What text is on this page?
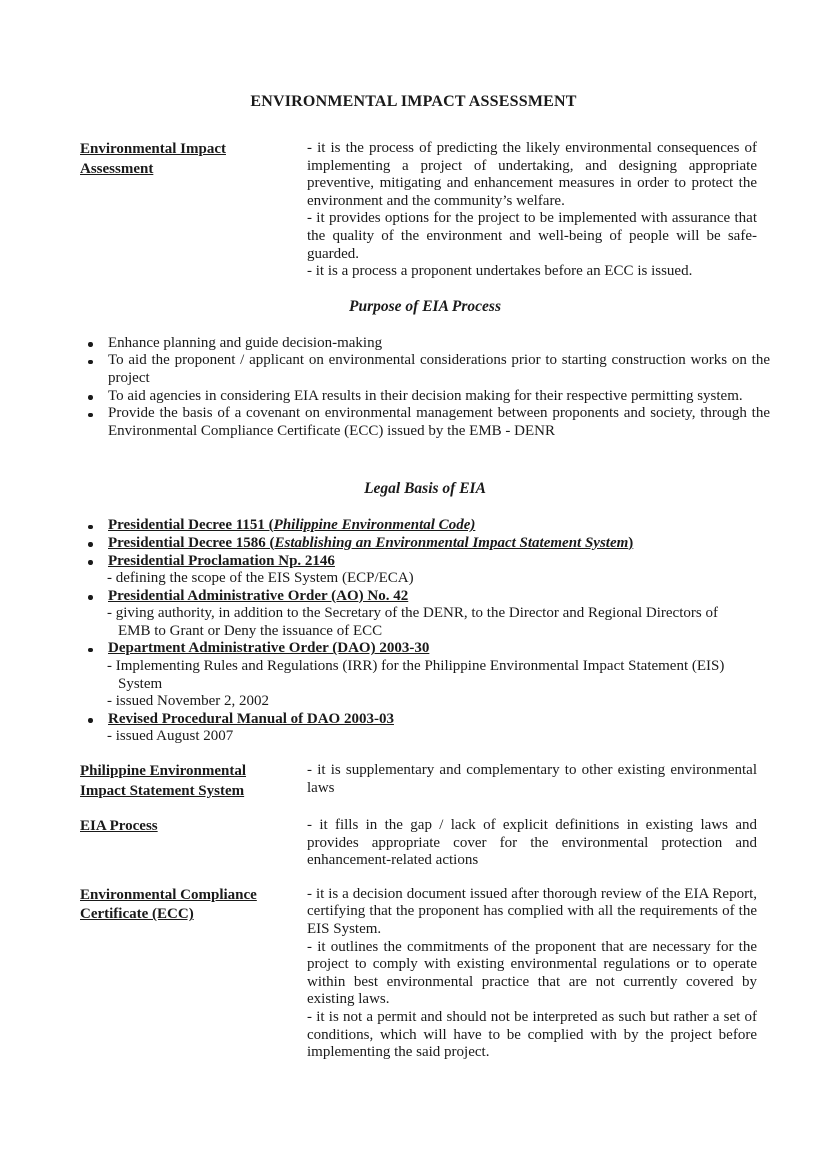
ENVIRONMENTAL IMPACT ASSESSMENT
Environmental Impact Assessment

- it is the process of predicting the likely environmental consequences of implementing a project of undertaking, and designing appropriate preventive, mitigating and enhancement measures in order to protect the environment and the community’s welfare.

- it provides options for the project to be implemented with assurance that the quality of the environment and well-being of people will be safe-guarded.

- it is a process a proponent undertakes before an ECC is issued.

Purpose of EIA Process

Enhance planning and guide decision-making

To aid the proponent / applicant on environmental considerations prior to starting construction works on the project

To aid agencies in considering EIA results in their decision making for their respective permitting system.

Provide the basis of a covenant on environmental management between proponents and society, through the Environmental Compliance Certificate (ECC) issued by the EMB - DENR

Legal Basis of EIA

Presidential Decree 1151 (Philippine Environmental Code)

Presidential Decree 1586 (Establishing an Environmental Impact Statement System)

Presidential Proclamation Np. 2146

- defining the scope of the EIS System (ECP/ECA)

Presidential Administrative Order (AO) No. 42

- giving authority, in addition to the Secretary of the DENR, to the Director and Regional Directors of EMB to Grant or Deny the issuance of ECC

Department Administrative Order (DAO) 2003-30

- Implementing Rules and Regulations (IRR) for the Philippine Environmental Impact Statement (EIS) System

- issued November 2, 2002

Revised Procedural Manual of DAO 2003-03

- issued August 2007

Philippine Environmental Impact Statement System

- it is supplementary and complementary to other existing environmental laws

EIA Process	- it fills in the gap / lack of explicit definitions in existing laws and provides appropriate cover for the environmental protection and enhancement-related actions

Environmental Compliance Certificate (ECC)

- it is a decision document issued after thorough review of the EIA Report, certifying that the proponent has complied with all the requirements of the EIS System.

- it outlines the commitments of the proponent that are necessary for the project to comply with existing environmental regulations or to operate within best environmental practice that are not currently covered by existing laws.

- it is not a permit and should not be interpreted as such but rather a set of conditions, which will have to be complied with by the project before implementing the said project.
